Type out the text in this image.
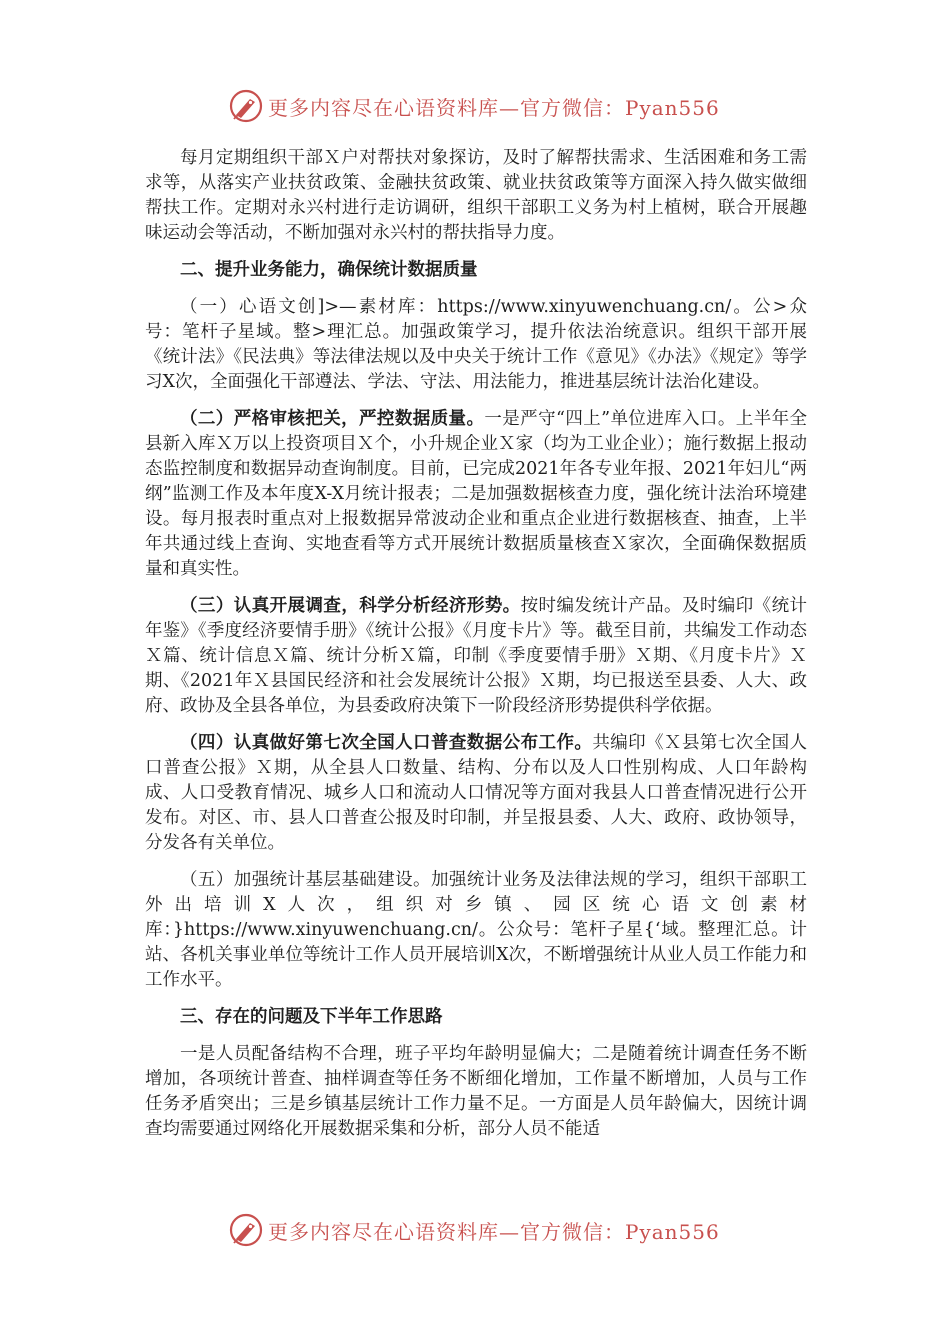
更多内容尽在心语资料库—官方微信：Pyan556

每月定期组织干部Ｘ户对帮扶对象探访，及时了解帮扶需求、生活困难和务工需求等，从落实产业扶贫政策、金融扶贫政策、就业扶贫政策等方面深入持久做实做细帮扶工作。定期对永兴村进行走访调研，组织干部职工义务为村上植树，联合开展趣味运动会等活动，不断加强对永兴村的帮扶指导力度。

二、提升业务能力，确保统计数据质量

（一）心语文创]>—素材库：https://www.xinyuwenchuang.cn/。公>众号：笔杆子星域。整>理汇总。加强政策学习，提升依法治统意识。组织干部开展《统计法》《民法典》等法律法规以及中央关于统计工作《意见》《办法》《规定》等学习X次，全面强化干部遵法、学法、守法、用法能力，推进基层统计法治化建设。

（二）严格审核把关，严控数据质量。一是严守“四上”单位进库入口。上半年全县新入库Ｘ万以上投资项目Ｘ个，小升规企业Ｘ家（均为工业企业）；施行数据上报动态监控制度和数据异动查询制度。目前，已完成2021年各专业年报、2021年妇儿“两纲”监测工作及本年度X-X月统计报表；二是加强数据核查力度，强化统计法治环境建设。每月报表时重点对上报数据异常波动企业和重点企业进行数据核查、抽查，上半年共通过线上查询、实地查看等方式开展统计数据质量核查Ｘ家次，全面确保数据质量和真实性。

（三）认真开展调查，科学分析经济形势。按时编发统计产品。及时编印《统计年鉴》《季度经济要情手册》《统计公报》《月度卡片》等。截至目前，共编发工作动态Ｘ篇、统计信息Ｘ篇、统计分析Ｘ篇，印制《季度要情手册》Ｘ期、《月度卡片》Ｘ期、《2021年Ｘ县国民经济和社会发展统计公报》Ｘ期，均已报送至县委、人大、政府、政协及全县各单位，为县委政府决策下一阶段经济形势提供科学依据。

（四）认真做好第七次全国人口普查数据公布工作。共编印《Ｘ县第七次全国人口普查公报》Ｘ期，从全县人口数量、结构、分布以及人口性别构成、人口年龄构成、人口受教育情况、城乡人口和流动人口情况等方面对我县人口普查情况进行公开发布。对区、市、县人口普查公报及时印制，并呈报县委、人大、政府、政协领导，分发各有关单位。

（五）加强统计基层基础建设。加强统计业务及法律法规的学习，组织干部职工外出培训X人次，组织对乡镇、园区统心语文创素材库：}https://www.xinyuwenchuang.cn/。公众号：笔杆子星{‘域。整理汇总。计站、各机关事业单位等统计工作人员开展培训X次，不断增强统计从业人员工作能力和工作水平。

三、存在的问题及下半年工作思路

一是人员配备结构不合理，班子平均年龄明显偏大；二是随着统计调查任务不断增加，各项统计普查、抽样调查等任务不断细化增加，工作量不断增加，人员与工作任务矛盾突出；三是乡镇基层统计工作力量不足。一方面是人员年龄偏大，因统计调查均需要通过网络化开展数据采集和分析，部分人员不能适

更多内容尽在心语资料库—官方微信：Pyan556
